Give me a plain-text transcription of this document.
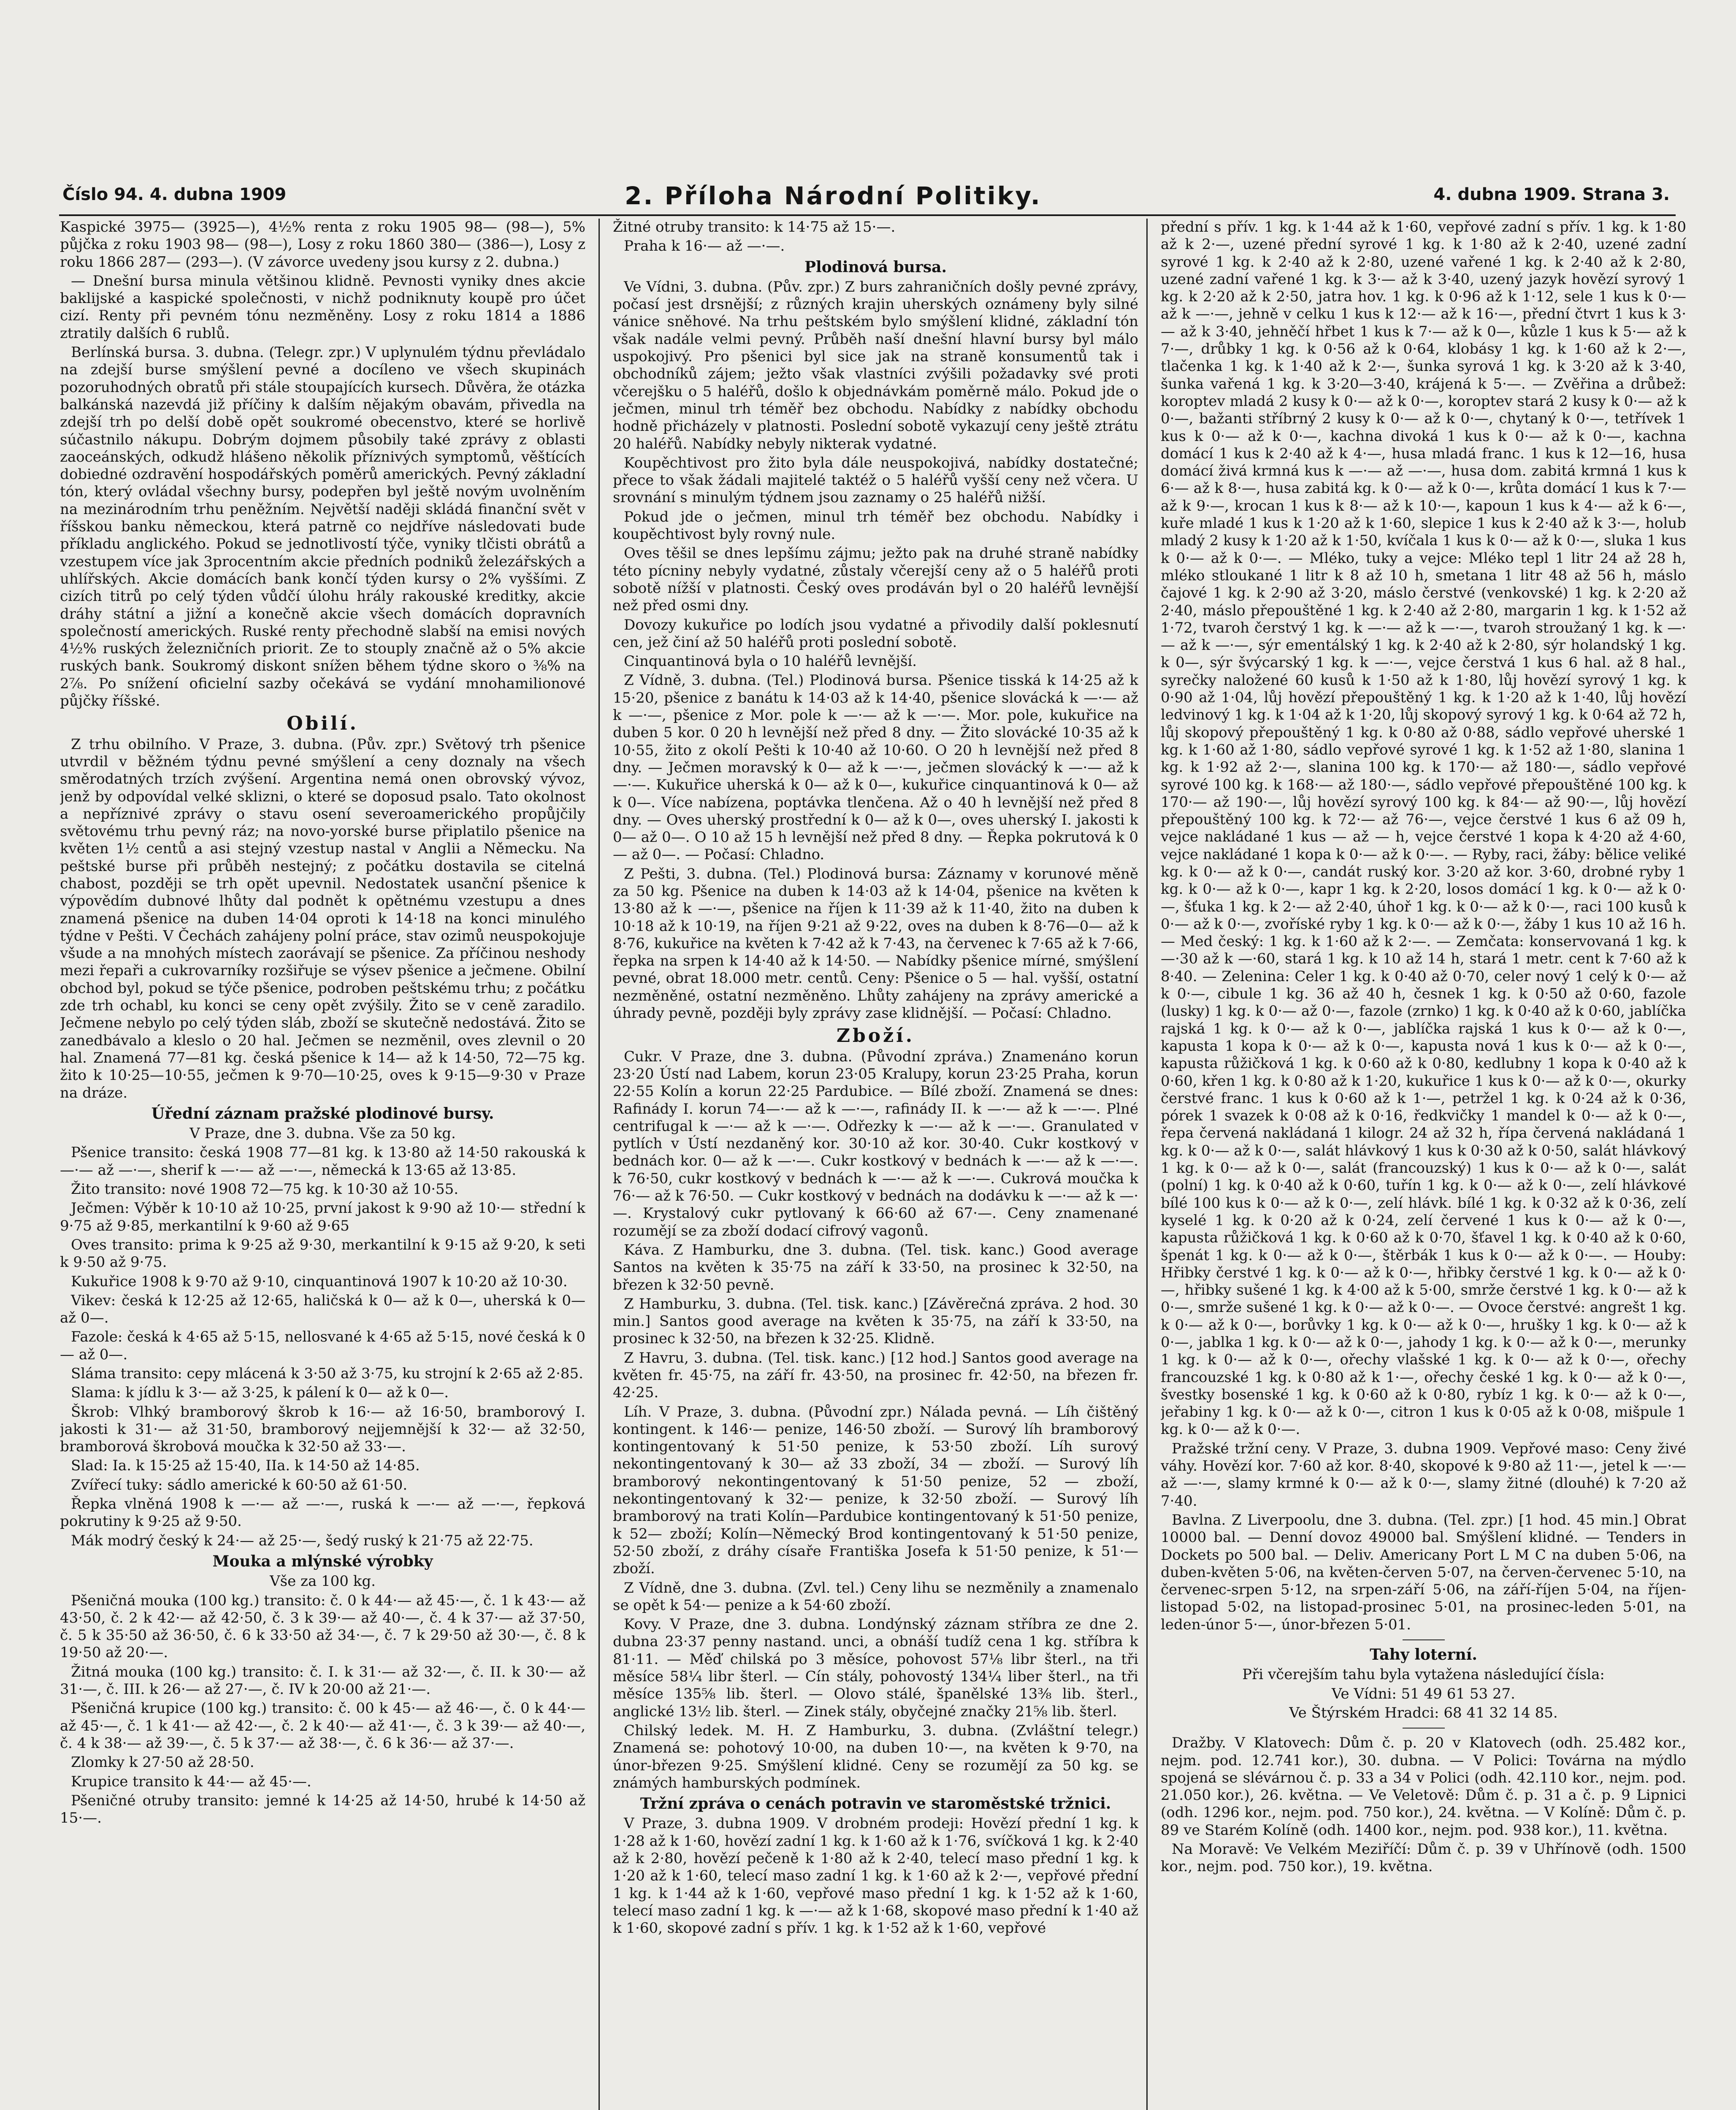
Číslo 94. 4. dubna 1909	2. Příloha Národní Politiky.	4. dubna 1909. Strana 3.

Kaspické 3975— (3925—), 4½% renta z roku 1905 98— (98—), 5% půjčka z roku 1903 98— (98—), Losy z roku 1860 380— (386—), Losy z roku 1866 287— (293—). (V závorce uvedeny jsou kursy z 2. dubna.)

— Dnešní bursa minula většinou klidně. Pevnosti vyniky dnes akcie baklijské a kaspické společnosti, v nichž podniknuty koupě pro účet cizí. Renty při pevném tónu nezměněny. Losy z roku 1814 a 1886 ztratily dalších 6 rublů.

Berlínská bursa. 3. dubna. (Telegr. zpr.) V uplynulém týdnu převládalo na zdejší burse smýšlení pevné a docíleno ve všech skupinách pozoruhodných obratů při stále stoupajících kursech. Důvěra, že otázka balkánská nazevdá již příčiny k dalším nějakým obavám, přivedla na zdejší trh po delší době opět soukromé obecenstvo, které se horlivě súčastnilo nákupu. Dobrým dojmem působily také zprávy z oblasti zaoceánských, odkudž hlášeno několik příznivých symptomů, věštících dobiedné ozdravění hospodářských poměrů amerických. Pevný základní tón, který ovládal všechny bursy, podepřen byl ještě novým uvolněním na mezinárodním trhu peněžním. Největší naději skládá finanční svět v říšskou banku německou, která patrně co nejdříve následovati bude příkladu anglického. Pokud se jednotlivostí týče, vyniky tlčisti obrátů a vzestupem více jak 3procentním akcie předních podniků železářských a uhlířských. Akcie domácích bank končí týden kursy o 2% vyššími. Z cizích titrů po celý týden vůdčí úlohu hrály rakouské kreditky, akcie dráhy státní a jižní a konečně akcie všech domácích dopravních společností amerických. Ruské renty přechodně slabší na emisi nových 4½% ruských železničních priorit. Ze to stouply značně až o 5% akcie ruských bank. Soukromý diskont snížen během týdne skoro o ⅜% na 2⅞. Po snížení oficielní sazby očekává se vydání mnohamilionové půjčky říšské.

Obilí.

Z trhu obilního. V Praze, 3. dubna. (Pův. zpr.) Světový trh pšenice utvrdil v běžném týdnu pevné smýšlení a ceny doznaly na všech směrodatných trzích zvýšení. Argentina nemá onen obrovský vývoz, jenž by odpovídal velké sklizni, o které se doposud psalo. Tato okolnost a nepříznivé zprávy o stavu osení severoamerického propůjčily světovému trhu pevný ráz; na novo-yorské burse připlatilo pšenice na květen 1½ centů a asi stejný vzestup nastal v Anglii a Německu. Na peštské burse při průběh nestejný; z počátku dostavila se citelná chabost, později se trh opět upevnil. Nedostatek usanční pšenice k výpovědím dubnové lhůty dal podnět k opětnému vzestupu a dnes znamená pšenice na duben 14·04 oproti k 14·18 na konci minulého týdne v Pešti. V Čechách zahájeny polní práce, stav ozimů neuspokojuje všude a na mnohých místech zaorávají se pšenice. Za příčinou neshody mezi řepaři a cukrovarníky rozšiřuje se výsev pšenice a ječmene. Obilní obchod byl, pokud se týče pšenice, podroben peštskému trhu; z počátku zde trh ochabl, ku konci se ceny opět zvýšily. Žito se v ceně zaradilo. Ječmene nebylo po celý týden sláb, zboží se skutečně nedostává. Žito se zanedbávalo a kleslo o 20 hal. Ječmen se nezměnil, oves zlevnil o 20 hal. Znamená 77—81 kg. česká pšenice k 14— až k 14·50, 72—75 kg. žito k 10·25—10·55, ječmen k 9·70—10·25, oves k 9·15—9·30 v Praze na dráze.

Úřední záznam pražské plodinové bursy.

V Praze, dne 3. dubna. Vše za 50 kg.

Pšenice transito: česká 1908 77—81 kg. k 13·80 až 14·50 rakouská k —·— až —·—, sherif k —·— až —·—, německá k 13·65 až 13·85.

Žito transito: nové 1908 72—75 kg. k 10·30 až 10·55.

Ječmen: Výběr k 10·10 až 10·25, první jakost k 9·90 až 10·— střední k 9·75 až 9·85, merkantilní k 9·60 až 9·65

Oves transito: prima k 9·25 až 9·30, merkantilní k 9·15 až 9·20, k seti k 9·50 až 9·75.

Kukuřice 1908 k 9·70 až 9·10, cinquantinová 1907 k 10·20 až 10·30.

Vikev: česká k 12·25 až 12·65, haličská k 0— až k 0—, uherská k 0— až 0—.

Fazole: česká k 4·65 až 5·15, nellosvané k 4·65 až 5·15, nové česká k 0— až 0—.

Sláma transito: cepy mlácená k 3·50 až 3·75, ku strojní k 2·65 až 2·85.

Slama: k jídlu k 3·— až 3·25, k pálení k 0— až k 0—.

Škrob: Vlhký bramborový škrob k 16·— až 16·50, bramborový I. jakosti k 31·— až 31·50, bramborový nejjemnější k 32·— až 32·50, bramborová škrobová moučka k 32·50 až 33·—.

Slad: Ia. k 15·25 až 15·40, IIa. k 14·50 až 14·85.

Zvířecí tuky: sádlo americké k 60·50 až 61·50.

Řepka vlněná 1908 k —·— až —·—, ruská k —·— až —·—, řepková pokrutiny k 9·25 až 9·50.

Mák modrý český k 24·— až 25·—, šedý ruský k 21·75 až 22·75.

Mouka a mlýnské výrobky

Vše za 100 kg.

Pšeničná mouka (100 kg.) transito: č. 0 k 44·— až 45·—, č. 1 k 43·— až 43·50, č. 2 k 42·— až 42·50, č. 3 k 39·— až 40·—, č. 4 k 37·— až 37·50, č. 5 k 35·50 až 36·50, č. 6 k 33·50 až 34·—, č. 7 k 29·50 až 30·—, č. 8 k 19·50 až 20·—.

Žitná mouka (100 kg.) transito: č. I. k 31·— až 32·—, č. II. k 30·— až 31·—, č. III. k 26·— až 27·—, č. IV k 20·00 až 21·—.

Pšeničná krupice (100 kg.) transito: č. 00 k 45·— až 46·—, č. 0 k 44·— až 45·—, č. 1 k 41·— až 42·—, č. 2 k 40·— až 41·—, č. 3 k 39·— až 40·—, č. 4 k 38·— až 39·—, č. 5 k 37·— až 38·—, č. 6 k 36·— až 37·—.

Zlomky k 27·50 až 28·50.

Krupice transito k 44·— až 45·—.

Pšeničné otruby transito: jemné k 14·25 až 14·50, hrubé k 14·50 až 15·—.

Žitné otruby transito: k 14·75 až 15·—.

Praha k 16·— až —·—.

Plodinová bursa.

Ve Vídni, 3. dubna. (Pův. zpr.) Z burs zahraničních došly pevné zprávy, počasí jest drsnější; z různých krajin uherských oznámeny byly silné vánice sněhové. Na trhu peštském bylo smýšlení klidné, základní tón však nadále velmi pevný. Průběh naší dnešní hlavní bursy byl málo uspokojivý. Pro pšenici byl sice jak na straně konsumentů tak i obchodníků zájem; ježto však vlastníci zvýšili požadavky své proti včerejšku o 5 haléřů, došlo k objednávkám poměrně málo. Pokud jde o ječmen, minul trh téměř bez obchodu. Nabídky z nabídky obchodu hodně přicházely v platnosti. Poslední sobotě vykazují ceny ještě ztrátu 20 haléřů. Nabídky nebyly nikterak vydatné.

Koupěchtivost pro žito byla dále neuspokojivá, nabídky dostatečné; přece to však žádali majitelé taktéž o 5 haléřů vyšší ceny než včera. U srovnání s minulým týdnem jsou zaznamy o 25 haléřů nižší.

Pokud jde o ječmen, minul trh téměř bez obchodu. Nabídky i koupěchtivost byly rovný nule.

Oves těšil se dnes lepšímu zájmu; ježto pak na druhé straně nabídky této pícniny nebyly vydatné, zůstaly včerejší ceny až o 5 haléřů proti sobotě nížší v platnosti. Český oves prodáván byl o 20 haléřů levnější než před osmi dny.

Dovozy kukuřice po lodích jsou vydatné a přivodily další poklesnutí cen, jež činí až 50 haléřů proti poslední sobotě.

Cinquantinová byla o 10 haléřů levnější.

Z Vídně, 3. dubna. (Tel.) Plodinová bursa. Pšenice tisská k 14·25 až k 15·20, pšenice z banátu k 14·03 až k 14·40, pšenice slovácká k —·— až k —·—, pšenice z Mor. pole k —·— až k —·—. Mor. pole, kukuřice na duben 5 kor. 0 20 h levnější než před 8 dny. — Žito slovácké 10·35 až k 10·55, žito z okolí Pešti k 10·40 až 10·60. O 20 h levnější než před 8 dny. — Ječmen moravský k 0— až k —·—, ječmen slovácký k —·— až k —·—. Kukuřice uherská k 0— až k 0—, kukuřice cinquantinová k 0— až k 0—. Více nabízena, poptávka tlenčena. Až o 40 h levnější než před 8 dny. — Oves uherský prostřední k 0— až k 0—, oves uherský I. jakosti k 0— až 0—. O 10 až 15 h levnější než před 8 dny. — Řepka pokrutová k 0— až 0—. — Počasí: Chladno.

Z Pešti, 3. dubna. (Tel.) Plodinová bursa: Záznamy v korunové měně za 50 kg. Pšenice na duben k 14·03 až k 14·04, pšenice na květen k 13·80 až k —·—, pšenice na říjen k 11·39 až k 11·40, žito na duben k 10·18 až k 10·19, na říjen 9·21 až 9·22, oves na duben k 8·76—0— až k 8·76, kukuřice na květen k 7·42 až k 7·43, na červenec k 7·65 až k 7·66, řepka na srpen k 14·40 až k 14·50. — Nabídky pšenice mírné, smýšlení pevné, obrat 18.000 metr. centů. Ceny: Pšenice o 5 — hal. vyšší, ostatní nezměněné, ostatní nezměněno. Lhůty zahájeny na zprávy americké a úhrady pevně, později byly zprávy zase klidnější. — Počasí: Chladno.

Zboží.

Cukr. V Praze, dne 3. dubna. (Původní zpráva.) Znamenáno korun 23·20 Ústí nad Labem, korun 23·05 Kralupy, korun 23·25 Praha, korun 22·55 Kolín a korun 22·25 Pardubice. — Bílé zboží. Znamená se dnes: Rafinády I. korun 74—·— až k —·—, rafinády II. k —·— až k —·—. Plné centrifugal k —·— až k —·—. Odřezky k —·— až k —·—. Granulated v pytlích v Ústí nezdaněný kor. 30·10 až kor. 30·40. Cukr kostkový v bednách kor. 0— až k —·—. Cukr kostkový v bednách k —·— až k —·—. k 76·50, cukr kostkový v bednách k —·— až k —·—. Cukrová moučka k 76·— až k 76·50. — Cukr kostkový v bednách na dodávku k —·— až k —·—. Krystalový cukr pytlovaný k 66·60 až 67·—. Ceny znamenané rozumějí se za zboží dodací cifrový vagonů.

Káva. Z Hamburku, dne 3. dubna. (Tel. tisk. kanc.) Good average Santos na květen k 35·75 na září k 33·50, na prosinec k 32·50, na březen k 32·50 pevně.

Z Hamburku, 3. dubna. (Tel. tisk. kanc.) [Závěrečná zpráva. 2 hod. 30 min.] Santos good average na květen k 35·75, na září k 33·50, na prosinec k 32·50, na březen k 32·25. Klidně.

Z Havru, 3. dubna. (Tel. tisk. kanc.) [12 hod.] Santos good average na květen fr. 45·75, na září fr. 43·50, na prosinec fr. 42·50, na březen fr. 42·25.

Líh. V Praze, 3. dubna. (Původní zpr.) Nálada pevná. — Líh čištěný kontingent. k 146·— penize, 146·50 zboží. — Surový líh bramborový kontingentovaný k 51·50 penize, k 53·50 zboží. Líh surový nekontingentovaný k 30— až 33 zboží, 34 — zboží. — Surový líh bramborový nekontingentovaný k 51·50 penize, 52 — zboží, nekontingentovaný k 32·— penize, k 32·50 zboží. — Surový líh bramborový na trati Kolín—Pardubice kontingentovaný k 51·50 penize, k 52— zboží; Kolín—Německý Brod kontingentovaný k 51·50 penize, 52·50 zboží, z dráhy císaře Františka Josefa k 51·50 penize, k 51·— zboží.

Z Vídně, dne 3. dubna. (Zvl. tel.) Ceny lihu se nezměnily a znamenalo se opět k 54·— penize a k 54·60 zboží.

Kovy. V Praze, dne 3. dubna. Londýnský záznam stříbra ze dne 2. dubna 23·37 penny nastand. unci, a obnáší tudíž cena 1 kg. stříbra k 81·11. — Měď chilská po 3 měsíce, pohovost 57⅛ libr šterl., na tři měsíce 58¼ libr šterl. — Cín stály, pohovostý 134¼ liber šterl., na tři měsíce 135⅝ lib. šterl. — Olovo stálé, španělské 13⅜ lib. šterl., anglické 13½ lib. šterl. — Zinek stály, obyčejné značky 21⅝ lib. šterl.

Chilský ledek. M. H. Z Hamburku, 3. dubna. (Zvláštní telegr.) Znamená se: pohotový 10·00, na duben 10·—, na květen k 9·70, na únor-březen 9·25. Smýšlení klidné. Ceny se rozumějí za 50 kg. se známých hamburských podmínek.

Tržní zpráva o cenách potravin ve staroměstské tržnici.

V Praze, 3. dubna 1909. V drobném prodeji: Hovězí přední 1 kg. k 1·28 až k 1·60, hovězí zadní 1 kg. k 1·60 až k 1·76, svíčková 1 kg. k 2·40 až k 2·80, hovězí pečeně k 1·80 až k 2·40, telecí maso přední 1 kg. k 1·20 až k 1·60, telecí maso zadní 1 kg. k 1·60 až k 2·—, vepřové přední 1 kg. k 1·44 až k 1·60, vepřové maso přední 1 kg. k 1·52 až k 1·60, telecí maso zadní 1 kg. k —·— až k 1·68, skopové maso přední k 1·40 až k 1·60, skopové zadní s přív. 1 kg. k 1·52 až k 1·60, vepřové

přední s přív. 1 kg. k 1·44 až k 1·60, vepřové zadní s přív. 1 kg. k 1·80 až k 2·—, uzené přední syrové 1 kg. k 1·80 až k 2·40, uzené zadní syrové 1 kg. k 2·40 až k 2·80, uzené vařené 1 kg. k 2·40 až k 2·80, uzené zadní vařené 1 kg. k 3·— až k 3·40, uzený jazyk hovězí syrový 1 kg. k 2·20 až k 2·50, jatra hov. 1 kg. k 0·96 až k 1·12, sele 1 kus k 0·— až k —·—, jehně v celku 1 kus k 12·— až k 16·—, přední čtvrt 1 kus k 3·— až k 3·40, jehněčí hřbet 1 kus k 7·— až k 0—, kůzle 1 kus k 5·— až k 7·—, drůbky 1 kg. k 0·56 až k 0·64, klobásy 1 kg. k 1·60 až k 2·—, tlačenka 1 kg. k 1·40 až k 2·—, šunka syrová 1 kg. k 3·20 až k 3·40, šunka vařená 1 kg. k 3·20—3·40, krájená k 5·—. — Zvěřina a drůbež: koroptev mladá 2 kusy k 0·— až k 0·—, koroptev stará 2 kusy k 0·— až k 0·—, bažanti stříbrný 2 kusy k 0·— až k 0·—, chytaný k 0·—, tetřívek 1 kus k 0·— až k 0·—, kachna divoká 1 kus k 0·— až k 0·—, kachna domácí 1 kus k 2·40 až k 4·—, husa mladá franc. 1 kus k 12—16, husa domácí živá krmná kus k —·— až —·—, husa dom. zabitá krmná 1 kus k 6·— až k 8·—, husa zabitá kg. k 0·— až k 0·—, krůta domácí 1 kus k 7·— až k 9·—, krocan 1 kus k 8·— až k 10·—, kapoun 1 kus k 4·— až k 6·—, kuře mladé 1 kus k 1·20 až k 1·60, slepice 1 kus k 2·40 až k 3·—, holub mladý 2 kusy k 1·20 až k 1·50, kvíčala 1 kus k 0·— až k 0·—, sluka 1 kus k 0·— až k 0·—. — Mléko, tuky a vejce: Mléko tepl 1 litr 24 až 28 h, mléko stloukané 1 litr k 8 až 10 h, smetana 1 litr 48 až 56 h, máslo čajové 1 kg. k 2·90 až 3·20, máslo čerstvé (venkovské) 1 kg. k 2·20 až 2·40, máslo přepouštěné 1 kg. k 2·40 až 2·80, margarin 1 kg. k 1·52 až 1·72, tvaroh čerstvý 1 kg. k —·— až k —·—, tvaroh stroužaný 1 kg. k —·— až k —·—, sýr ementálský 1 kg. k 2·40 až k 2·80, sýr holandský 1 kg. k 0—, sýr švýcarský 1 kg. k —·—, vejce čerstvá 1 kus 6 hal. až 8 hal., syrečky naložené 60 kusů k 1·50 až k 1·80, lůj hovězí syrový 1 kg. k 0·90 až 1·04, lůj hovězí přepouštěný 1 kg. k 1·20 až k 1·40, lůj hovězí ledvinový 1 kg. k 1·04 až k 1·20, lůj skopový syrový 1 kg. k 0·64 až 72 h, lůj skopový přepouštěný 1 kg. k 0·80 až 0·88, sádlo vepřové uherské 1 kg. k 1·60 až 1·80, sádlo vepřové syrové 1 kg. k 1·52 až 1·80, slanina 1 kg. k 1·92 až 2·—, slanina 100 kg. k 170·— až 180·—, sádlo vepřové syrové 100 kg. k 168·— až 180·—, sádlo vepřové přepouštěné 100 kg. k 170·— až 190·—, lůj hovězí syrový 100 kg. k 84·— až 90·—, lůj hovězí přepouštěný 100 kg. k 72·— až 76·—, vejce čerstvé 1 kus 6 až 09 h, vejce nakládané 1 kus — až — h, vejce čerstvé 1 kopa k 4·20 až 4·60, vejce nakládané 1 kopa k 0·— až k 0·—. — Ryby, raci, žáby: bělice veliké kg. k 0·— až k 0·—, candát ruský kor. 3·20 až kor. 3·60, drobné ryby 1 kg. k 0·— až k 0·—, kapr 1 kg. k 2·20, losos domácí 1 kg. k 0·— až k 0·—, šťuka 1 kg. k 2·— až 2·40, úhoř 1 kg. k 0·— až k 0·—, raci 100 kusů k 0·— až k 0·—, zvoříské ryby 1 kg. k 0·— až k 0·—, žáby 1 kus 10 až 16 h. — Med český: 1 kg. k 1·60 až k 2·—. — Zemčata: konservovaná 1 kg. k —·30 až k —·60, stará 1 kg. k 10 až 14 h, stará 1 metr. cent k 7·60 až k 8·40. — Zelenina: Celer 1 kg. k 0·40 až 0·70, celer nový 1 celý k 0·— až k 0·—, cibule 1 kg. 36 až 40 h, česnek 1 kg. k 0·50 až 0·60, fazole (lusky) 1 kg. k 0·— až 0·—, fazole (zrnko) 1 kg. k 0·40 až k 0·60, jablíčka rajská 1 kg. k 0·— až k 0·—, jablíčka rajská 1 kus k 0·— až k 0·—, kapusta 1 kopa k 0·— až k 0·—, kapusta nová 1 kus k 0·— až k 0·—, kapusta růžičková 1 kg. k 0·60 až k 0·80, kedlubny 1 kopa k 0·40 až k 0·60, křen 1 kg. k 0·80 až k 1·20, kukuřice 1 kus k 0·— až k 0·—, okurky čerstvé franc. 1 kus k 0·60 až k 1·—, petržel 1 kg. k 0·24 až k 0·36, pórek 1 svazek k 0·08 až k 0·16, ředkvičky 1 mandel k 0·— až k 0·—, řepa červená nakládaná 1 kilogr. 24 až 32 h, řípa červená nakládaná 1 kg. k 0·— až k 0·—, salát hlávkový 1 kus k 0·30 až k 0·50, salát hlávkový 1 kg. k 0·— až k 0·—, salát (francouzský) 1 kus k 0·— až k 0·—, salát (polní) 1 kg. k 0·40 až k 0·60, tuřín 1 kg. k 0·— až k 0·—, zelí hlávkové bílé 100 kus k 0·— až k 0·—, zelí hlávk. bílé 1 kg. k 0·32 až k 0·36, zelí kyselé 1 kg. k 0·20 až k 0·24, zelí červené 1 kus k 0·— až k 0·—, kapusta růžičková 1 kg. k 0·60 až k 0·70, šťavel 1 kg. k 0·40 až k 0·60, špenát 1 kg. k 0·— až k 0·—, štěrbák 1 kus k 0·— až k 0·—. — Houby: Hřibky čerstvé 1 kg. k 0·— až k 0·—, hřibky čerstvé 1 kg. k 0·— až k 0·—, hřibky sušené 1 kg. k 4·00 až k 5·00, smrže čerstvé 1 kg. k 0·— až k 0·—, smrže sušené 1 kg. k 0·— až k 0·—. — Ovoce čerstvé: angrešt 1 kg. k 0·— až k 0·—, borůvky 1 kg. k 0·— až k 0·—, hrušky 1 kg. k 0·— až k 0·—, jablka 1 kg. k 0·— až k 0·—, jahody 1 kg. k 0·— až k 0·—, merunky 1 kg. k 0·— až k 0·—, ořechy vlašské 1 kg. k 0·— až k 0·—, ořechy francouzské 1 kg. k 0·80 až k 1·—, ořechy české 1 kg. k 0·— až k 0·—, švestky bosenské 1 kg. k 0·60 až k 0·80, rybíz 1 kg. k 0·— až k 0·—, jeřabiny 1 kg. k 0·— až k 0·—, citron 1 kus k 0·05 až k 0·08, mišpule 1 kg. k 0·— až k 0·—.

Pražské tržní ceny. V Praze, 3. dubna 1909. Vepřové maso: Ceny živé váhy. Hovězí kor. 7·60 až kor. 8·40, skopové k 9·80 až 11·—, jetel k —·— až —·—, slamy krmné k 0·— až k 0·—, slamy žitné (dlouhé) k 7·20 až 7·40.

Bavlna. Z Liverpoolu, dne 3. dubna. (Tel. zpr.) [1 hod. 45 min.] Obrat 10000 bal. — Denní dovoz 49000 bal. Smýšlení klidné. — Tenders in Dockets po 500 bal. — Deliv. Americany Port L M C na duben 5·06, na duben-květen 5·06, na květen-červen 5·07, na červen-červenec 5·10, na červenec-srpen 5·12, na srpen-září 5·06, na září-říjen 5·04, na říjen-listopad 5·02, na listopad-prosinec 5·01, na prosinec-leden 5·01, na leden-únor 5·—, únor-březen 5·01.

Tahy loterní.

Při včerejším tahu byla vytažena následující čísla:

Ve Vídni: 51 49 61 53 27.

Ve Štýrském Hradci: 68 41 32 14 85.

Dražby. V Klatovech: Dům č. p. 20 v Klatovech (odh. 25.482 kor., nejm. pod. 12.741 kor.), 30. dubna. — V Polici: Továrna na mýdlo spojená se slévárnou č. p. 33 a 34 v Polici (odh. 42.110 kor., nejm. pod. 21.050 kor.), 26. května. — Ve Veletově: Dům č. p. 31 a č. p. 9 Lipnici (odh. 1296 kor., nejm. pod. 750 kor.), 24. května. — V Kolíně: Dům č. p. 89 ve Starém Kolíně (odh. 1400 kor., nejm. pod. 938 kor.), 11. května.

Na Moravě: Ve Velkém Meziříčí: Dům č. p. 39 v Uhřínově (odh. 1500 kor., nejm. pod. 750 kor.), 19. května.
